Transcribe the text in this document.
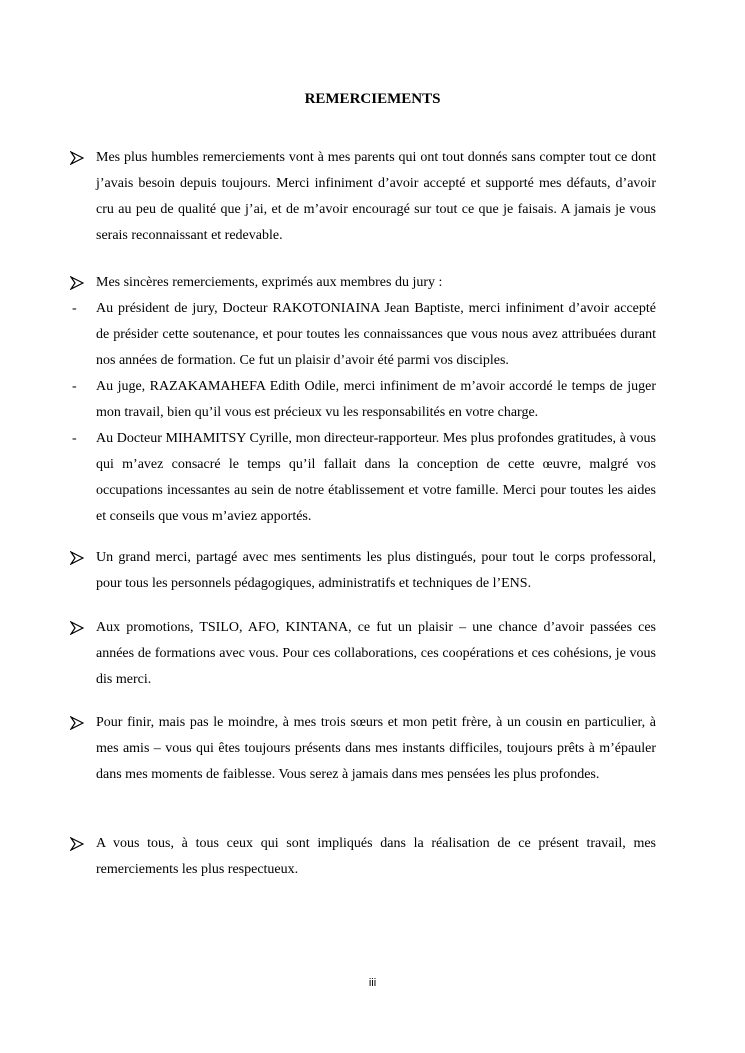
REMERCIEMENTS
Mes plus humbles remerciements vont à mes parents qui ont tout donnés sans compter tout ce dont j’avais besoin depuis toujours. Merci infiniment d’avoir accepté et supporté mes défauts, d’avoir cru au peu de qualité que j’ai, et de m’avoir encouragé sur tout ce que je faisais. A jamais je vous serais reconnaissant et redevable.
Mes sincères remerciements, exprimés aux membres du jury :
- Au président de jury, Docteur RAKOTONIAINA Jean Baptiste, merci infiniment d’avoir accepté de présider cette soutenance, et pour toutes les connaissances que vous nous avez attribuées durant nos années de formation. Ce fut un plaisir d’avoir été parmi vos disciples.
- Au juge, RAZAKAMAHEFA Edith Odile, merci infiniment de m’avoir accordé le temps de juger mon travail, bien qu’il vous est précieux vu les responsabilités en votre charge.
- Au Docteur MIHAMITSY Cyrille, mon directeur-rapporteur. Mes plus profondes gratitudes, à vous qui m’avez consacré le temps qu’il fallait dans la conception de cette œuvre, malgré vos occupations incessantes au sein de notre établissement et votre famille. Merci pour toutes les aides et conseils que vous m’aviez apportés.
Un grand merci, partagé avec mes sentiments les plus distingués, pour tout le corps professoral, pour tous les personnels pédagogiques, administratifs et techniques de l’ENS.
Aux promotions, TSILO, AFO, KINTANA, ce fut un plaisir – une chance d’avoir passées ces années de formations avec vous. Pour ces collaborations, ces coopérations et ces cohésions, je vous dis merci.
Pour finir, mais pas le moindre, à mes trois sœurs et mon petit frère, à un cousin en particulier, à mes amis – vous qui êtes toujours présents dans mes instants difficiles, toujours prêts à m’épauler dans mes moments de faiblesse. Vous serez à jamais dans mes pensées les plus profondes.
A vous tous, à tous ceux qui sont impliqués dans la réalisation de ce présent travail, mes remerciements les plus respectueux.
iii
